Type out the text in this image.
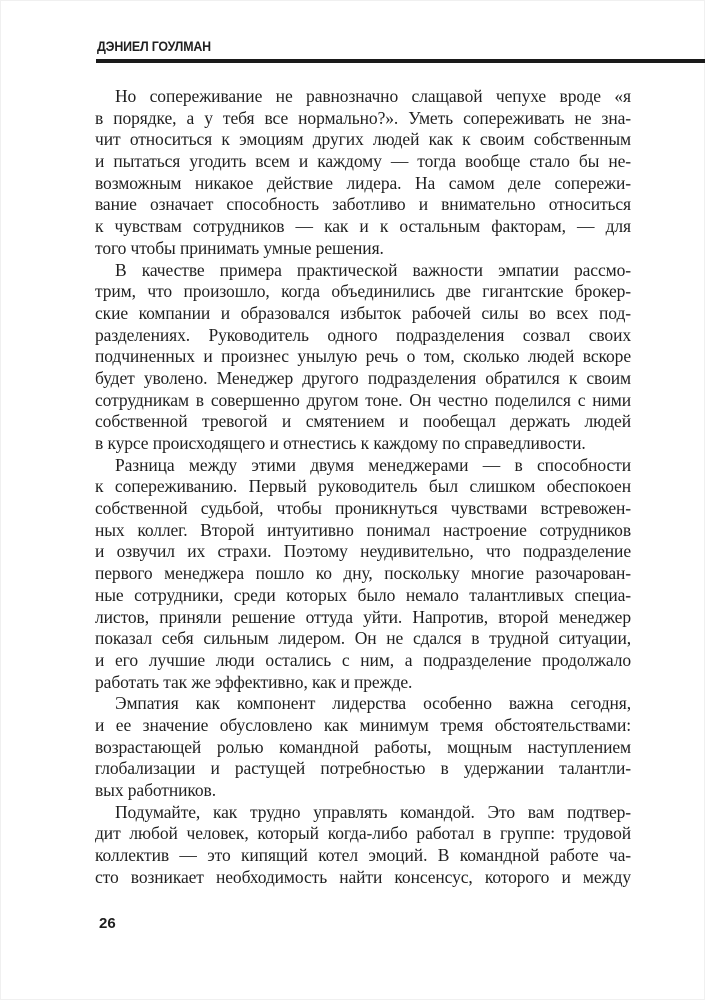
ДЭНИЕЛ ГОУЛМАН

Но сопереживание не равнозначно слащавой чепухе вроде «я
в порядке, а у тебя все нормально?». Уметь сопереживать не зна-
чит относиться к эмоциям других людей как к своим собственным
и пытаться угодить всем и каждому — тогда вообще стало бы не-
возможным никакое действие лидера. На самом деле сопережи-
вание означает способность заботливо и внимательно относиться
к чувствам сотрудников — как и к остальным факторам, — для
того чтобы принимать умные решения.

В качестве примера практической важности эмпатии рассмо-
трим, что произошло, когда объединились две гигантские брокер-
ские компании и образовался избыток рабочей силы во всех под-
разделениях. Руководитель одного подразделения созвал своих
подчиненных и произнес унылую речь о том, сколько людей вскоре
будет уволено. Менеджер другого подразделения обратился к своим
сотрудникам в совершенно другом тоне. Он честно поделился с ними
собственной тревогой и смятением и пообещал держать людей
в курсе происходящего и отнестись к каждому по справедливости.

Разница между этими двумя менеджерами — в способности
к сопереживанию. Первый руководитель был слишком обеспокоен
собственной судьбой, чтобы проникнуться чувствами встревожен-
ных коллег. Второй интуитивно понимал настроение сотрудников
и озвучил их страхи. Поэтому неудивительно, что подразделение
первого менеджера пошло ко дну, поскольку многие разочарован-
ные сотрудники, среди которых было немало талантливых специа-
листов, приняли решение оттуда уйти. Напротив, второй менеджер
показал себя сильным лидером. Он не сдался в трудной ситуации,
и его лучшие люди остались с ним, а подразделение продолжало
работать так же эффективно, как и прежде.

Эмпатия как компонент лидерства особенно важна сегодня,
и ее значение обусловлено как минимум тремя обстоятельствами:
возрастающей ролью командной работы, мощным наступлением
глобализации и растущей потребностью в удержании талантли-
вых работников.

Подумайте, как трудно управлять командой. Это вам подтвер-
дит любой человек, который когда-либо работал в группе: трудовой
коллектив — это кипящий котел эмоций. В командной работе ча-
сто возникает необходимость найти консенсус, которого и между

26
